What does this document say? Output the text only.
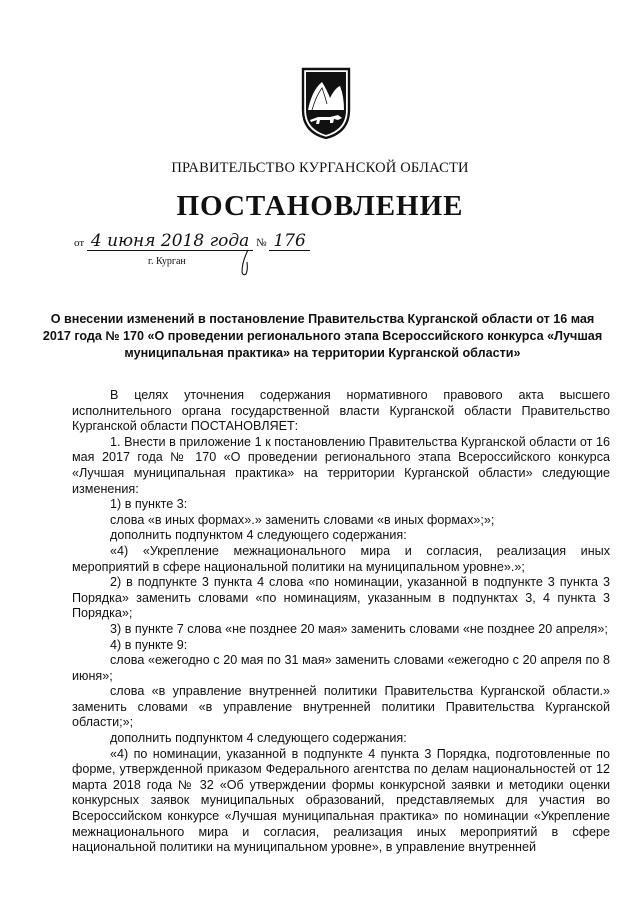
ПРАВИТЕЛЬСТВО КУРГАНСКОЙ ОБЛАСТИ
ПОСТАНОВЛЕНИЕ
от 4 июня 2018 года № 176
г. Курган
О внесении изменений в постановление Правительства Курганской области от 16 мая 2017 года № 170 «О проведении регионального этапа Всероссийского конкурса «Лучшая муниципальная практика» на территории Курганской области»

В целях уточнения содержания нормативного правового акта высшего исполнительного органа государственной власти Курганской области Правительство Курганской области ПОСТАНОВЛЯЕТ:

1. Внести в приложение 1 к постановлению Правительства Курганской области от 16 мая 2017 года № 170 «О проведении регионального этапа Всероссийского конкурса «Лучшая муниципальная практика» на территории Курганской области» следующие изменения:

1) в пункте 3:

слова «в иных формах».» заменить словами «в иных формах»;»;

дополнить подпунктом 4 следующего содержания:

«4) «Укрепление межнационального мира и согласия, реализация иных мероприятий в сфере национальной политики на муниципальном уровне».»;

2) в подпункте 3 пункта 4 слова «по номинации, указанной в подпункте 3 пункта 3 Порядка» заменить словами «по номинациям, указанным в подпунктах 3, 4 пункта 3 Порядка»;

3) в пункте 7 слова «не позднее 20 мая» заменить словами «не позднее 20 апреля»;

4) в пункте 9:

слова «ежегодно с 20 мая по 31 мая» заменить словами «ежегодно с 20 апреля по 8 июня»;

слова «в управление внутренней политики Правительства Курганской области.» заменить словами «в управление внутренней политики Правительства Курганской области;»;

дополнить подпунктом 4 следующего содержания:

«4) по номинации, указанной в подпункте 4 пункта 3 Порядка, подготовленные по форме, утвержденной приказом Федерального агентства по делам национальностей от 12 марта 2018 года № 32 «Об утверждении формы конкурсной заявки и методики оценки конкурсных заявок муниципальных образований, представляемых для участия во Всероссийском конкурсе «Лучшая муниципальная практика» по номинации «Укрепление межнационального мира и согласия, реализация иных мероприятий в сфере национальной политики на муниципальном уровне», в управление внутренней
